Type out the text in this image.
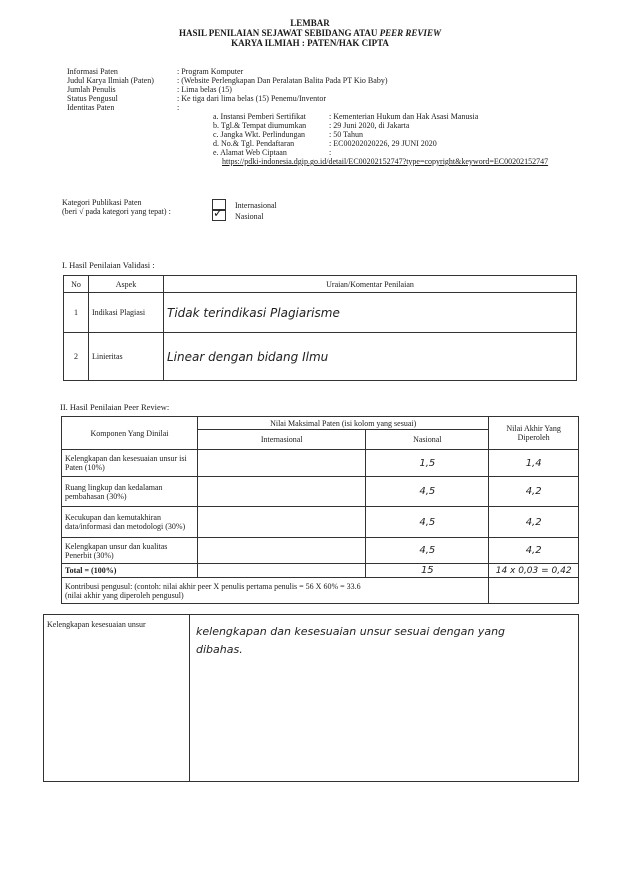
LEMBAR
HASIL PENILAIAN SEJAWAT SEBIDANG ATAU PEER REVIEW
KARYA ILMIAH : PATEN/HAK CIPTA
Informasi Paten	: Program Komputer
Judul Karya Ilmiah (Paten)	: (Website Perlengkapan Dan Peralatan Balita Pada PT Kio Baby)
Jumlah Penulis	: Lima belas (15)
Status Pengusul	: Ke tiga dari lima belas (15) Penemu/Inventor
Identitas Paten	:
a. Instansi Pemberi Sertifikat	: Kementerian Hukum dan Hak Asasi Manusia
b. Tgl.& Tempat diumumkan	: 29 Juni 2020, di Jakarta
c. Jangka Wkt. Perlindungan	: 50 Tahun
d. No.& Tgl. Pendaftaran	: EC00202020226, 29 JUNI 2020
e. Alamat Web Ciptaan	:
https://pdki-indonesia.dgip.go.id/detail/EC00202152747?type=copyright&keyword=EC00202152747
Kategori Publikasi Paten
(beri √ pada kategori yang tepat) :
Internasional
✓ Nasional
I. Hasil Penilaian Validasi :
No	Aspek	Uraian/Komentar Penilaian
1	Indikasi Plagiasi	Tidak terindikasi Plagiarisme
2	Linieritas	Linear dengan bidang Ilmu
II. Hasil Penilaian Peer Review:
Komponen Yang Dinilai	Nilai Maksimal Paten (isi kolom yang sesuai)		Nilai Akhir Yang Diperoleh
	Internasional	Nasional	
Kelengkapan dan kesesuaian unsur isi Paten (10%)		1,5	1,4
Ruang lingkup dan kedalaman pembahasan (30%)		4,5	4,2
Kecukupan dan kemutakhiran data/informasi dan metodologi (30%)		4,5	4,2
Kelengkapan unsur dan kualitas Penerbit (30%)		4,5	4,2
Total = (100%)		15	14 x 0,03 = 0,42

Kontribusi pengusul: (contoh: nilai akhir peer X penulis pertama penulis = 56 X 60% = 33.6
(nilai akhir yang diperoleh pengusul)			

Kelengkapan kesesuaian unsur	
kelengkapan dan kesesuaian unsur sesuai dengan yang
dibahas.
